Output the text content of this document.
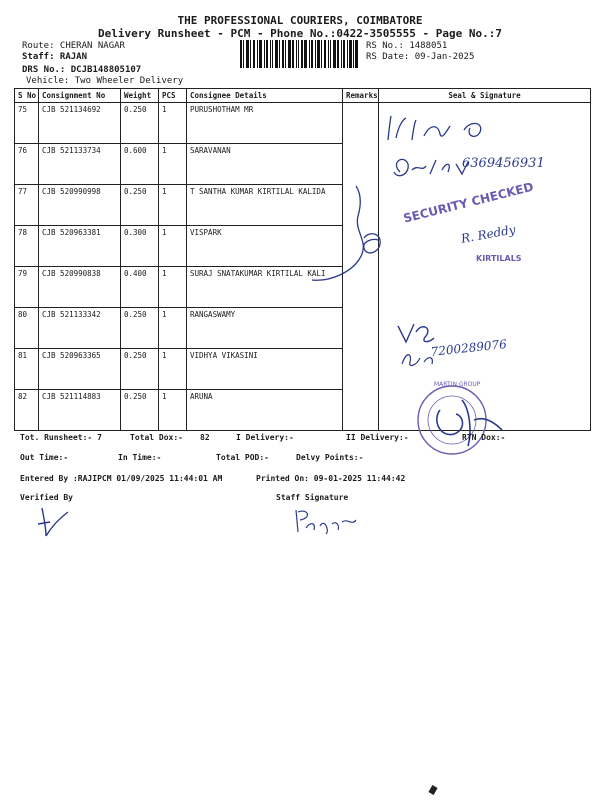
THE PROFESSIONAL COURIERS, COIMBATORE
Delivery Runsheet - PCM - Phone No.:0422-3505555 - Page No.:7
Route: CHERAN NAGAR
Staff: RAJAN
DRS No.: DCJB148805107
Vehicle: Two Wheeler Delivery
RS No.: 1488051
RS Date: 09-Jan-2025
S No	Consignment No	Weight	PCS	Consignee Details	Remarks	Seal & Signature
75	CJB 521134692	0.250	1	PURUSHOTHAM MR		
76	CJB 521133734	0.600	1	SARAVANAN		
77	CJB 520990998	0.250	1	T SANTHA KUMAR KIRTILAL KALIDA		
78	CJB 520963381	0.300	1	VISPARK		
79	CJB 520990838	0.400	1	SURAJ SNATAKUMAR KIRTILAL KALI		
80	CJB 521133342	0.250	1	RANGASWAMY		
81	CJB 520963365	0.250	1	VIDHYA VIKASINI		
82	CJB 521114883	0.250	1	ARUNA		
6369456931
SECURITY CHECKED
R. Reddy
KIRTILALS
7200289076
MARTIN GROUP
Tot. Runsheet:- 7	Total Dox:- 82	I Delivery:-	II Delivery:-	RTN Dox:-
Out Time:-	In Time:-	Total POD:-	Delvy Points:-
Entered By :RAJIPCM 01/09/2025 11:44:01 AM	Printed On: 09-01-2025 11:44:42
Verified By	Staff Signature
